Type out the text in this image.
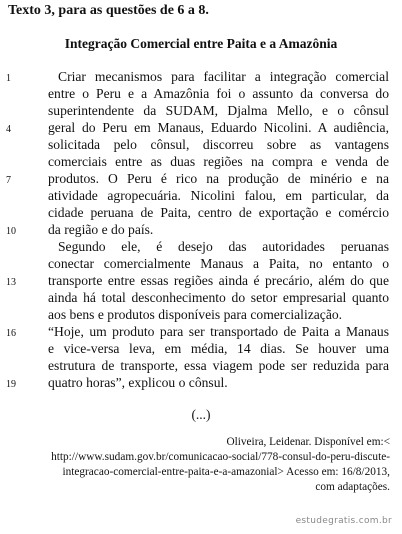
Texto 3, para as questões de 6 a 8.
Integração Comercial entre Paita e a Amazônia
1
4
7
10
13
16
19
Criar mecanismos para facilitar a integração comercial
entre o Peru e a Amazônia foi o assunto da conversa do
superintendente da SUDAM, Djalma Mello, e o cônsul
geral do Peru em Manaus, Eduardo Nicolini. A audiência,
solicitada pelo cônsul, discorreu sobre as vantagens
comerciais entre as duas regiões na compra e venda de
produtos. O Peru é rico na produção de minério e na
atividade agropecuária. Nicolini falou, em particular, da
cidade peruana de Paita, centro de exportação e comércio
da região e do país.
Segundo ele, é desejo das autoridades peruanas
conectar comercialmente Manaus a Paita, no entanto o
transporte entre essas regiões ainda é precário, além do que
ainda há total desconhecimento do setor empresarial quanto
aos bens e produtos disponíveis para comercialização.
“Hoje, um produto para ser transportado de Paita a Manaus
e vice-versa leva, em média, 14 dias. Se houver uma
estrutura de transporte, essa viagem pode ser reduzida para
quatro horas”, explicou o cônsul.
(...)
Oliveira, Leidenar. Disponível em:<
http://www.sudam.gov.br/comunicacao-social/778-consul-do-peru-discute-
integracao-comercial-entre-paita-e-a-amazonial> Acesso em: 16/8/2013,
com adaptações.
estudegratis.com.br
